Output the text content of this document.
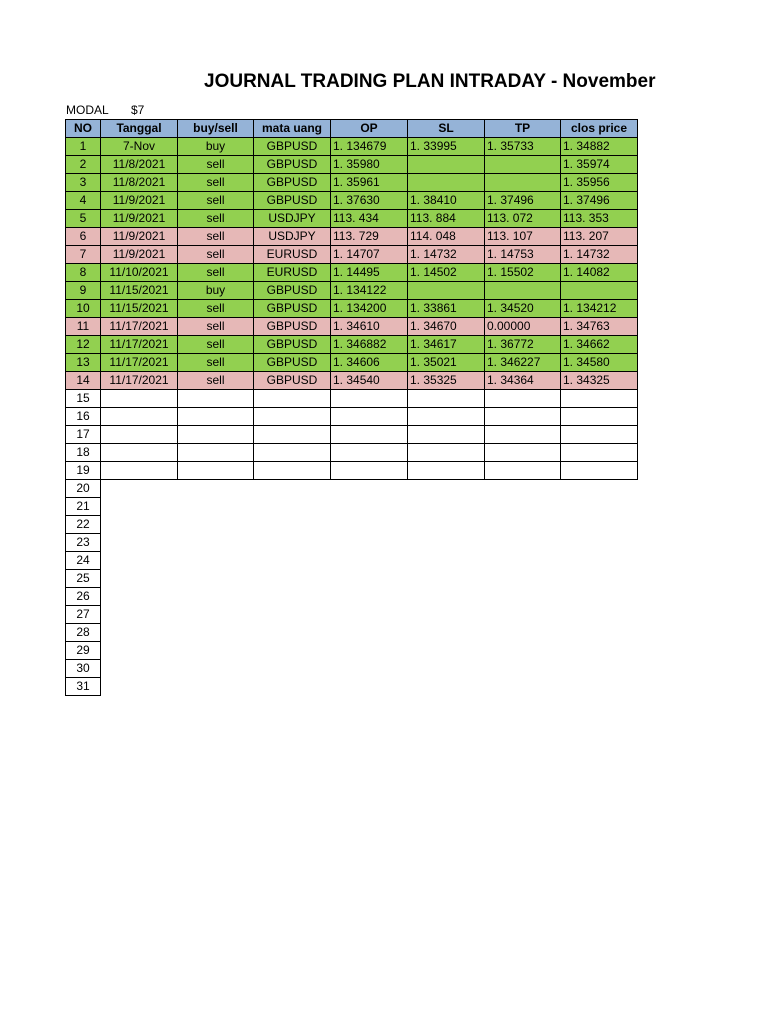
JOURNAL TRADING PLAN INTRADAY - November
MODAL $7
NO	Tanggal	buy/sell	mata uang	OP	SL	TP	clos price
1	7-Nov	buy	GBPUSD	1. 134679	1. 33995	1. 35733	1. 34882
2	11/8/2021	sell	GBPUSD	1. 35980			1. 35974
3	11/8/2021	sell	GBPUSD	1. 35961			1. 35956
4	11/9/2021	sell	GBPUSD	1. 37630	1. 38410	1. 37496	1. 37496
5	11/9/2021	sell	USDJPY	113. 434	113. 884	113. 072	113. 353
6	11/9/2021	sell	USDJPY	113. 729	114. 048	113. 107	113. 207
7	11/9/2021	sell	EURUSD	1. 14707	1. 14732	1. 14753	1. 14732
8	11/10/2021	sell	EURUSD	1. 14495	1. 14502	1. 15502	1. 14082
9	11/15/2021	buy	GBPUSD	1. 134122			
10	11/15/2021	sell	GBPUSD	1. 134200	1. 33861	1. 34520	1. 134212
11	11/17/2021	sell	GBPUSD	1. 34610	1. 34670	0.00000	1. 34763
12	11/17/2021	sell	GBPUSD	1. 346882	1. 34617	1. 36772	1. 34662
13	11/17/2021	sell	GBPUSD	1. 34606	1. 35021	1. 346227	1. 34580
14	11/17/2021	sell	GBPUSD	1. 34540	1. 35325	1. 34364	1. 34325
15							
16							
17							
18							
19							
20							
21							
22							
23							
24							
25							
26							
27							
28							
29							
30							
31							
